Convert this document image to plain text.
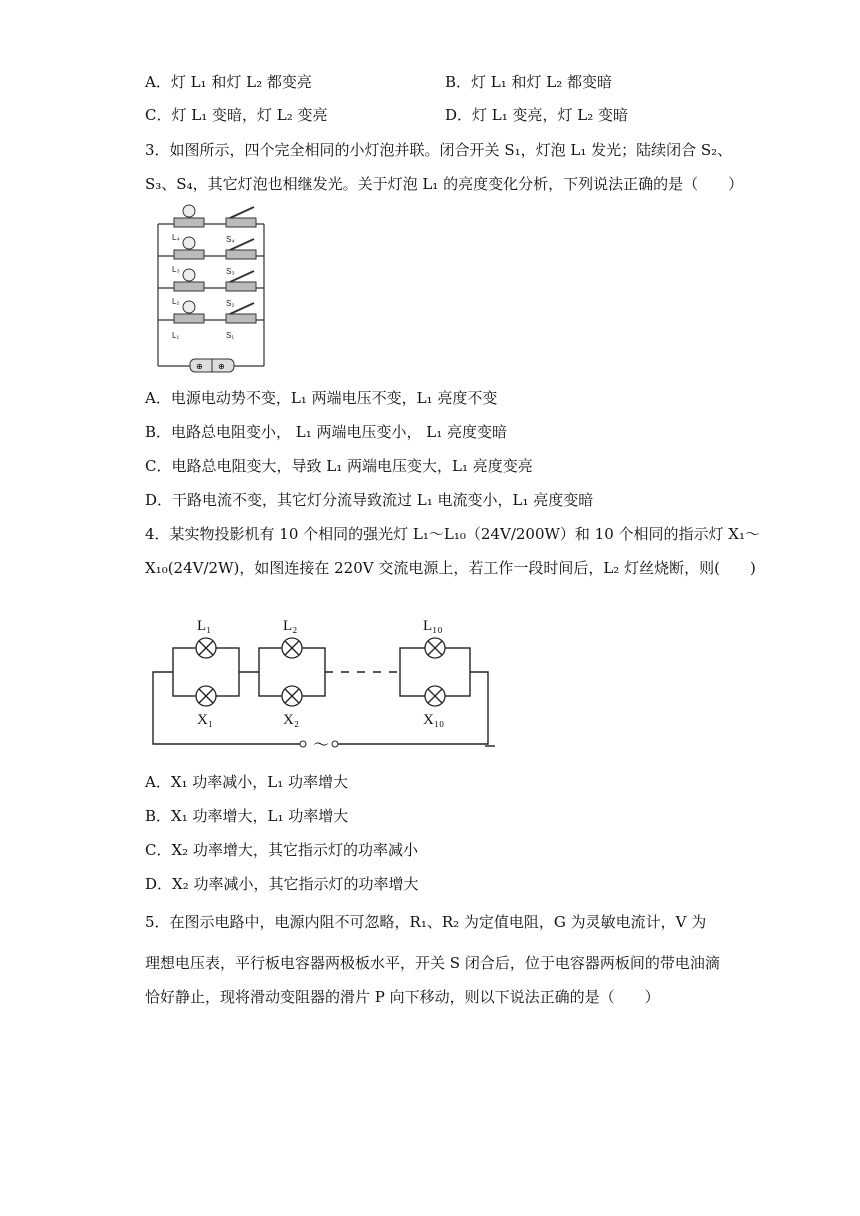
A．灯 L₁ 和灯 L₂ 都变亮	B．灯 L₁ 和灯 L₂ 都变暗
C．灯 L₁ 变暗，灯 L₂ 变亮	D．灯 L₁ 变亮，灯 L₂ 变暗
3．如图所示，四个完全相同的小灯泡并联。闭合开关 S₁，灯泡 L₁ 发光；陆续闭合 S₂、
S₃、S₄，其它灯泡也相继发光。关于灯泡 L₁ 的亮度变化分析，下列说法正确的是（　　）
⊕ ⊕
L₄	S₄
L₃	S₃
L₂	S₂
L₁	S₁
A．电源电动势不变，L₁ 两端电压不变，L₁ 亮度不变
B．电路总电阻变小， L₁ 两端电压变小， L₁ 亮度变暗
C．电路总电阻变大，导致 L₁ 两端电压变大，L₁ 亮度变亮
D．干路电流不变，其它灯分流导致流过 L₁ 电流变小，L₁ 亮度变暗
4．某实物投影机有 10 个相同的强光灯 L₁～L₁₀（24V/200W）和 10 个相同的指示灯 X₁～
X₁₀(24V/2W)，如图连接在 220V 交流电源上，若工作一段时间后，L₂ 灯丝烧断，则(　　)
～
L₁	L₂	L₁₀
X₁	X₂	X₁₀
A．X₁ 功率减小，L₁ 功率增大
B．X₁ 功率增大，L₁ 功率增大
C．X₂ 功率增大，其它指示灯的功率减小
D．X₂ 功率减小，其它指示灯的功率增大
5．在图示电路中，电源内阻不可忽略，R₁、R₂ 为定值电阻，G 为灵敏电流计，V 为
理想电压表，平行板电容器两极板水平，开关 S 闭合后，位于电容器两板间的带电油滴
恰好静止，现将滑动变阻器的滑片 P 向下移动，则以下说法正确的是（　　）
